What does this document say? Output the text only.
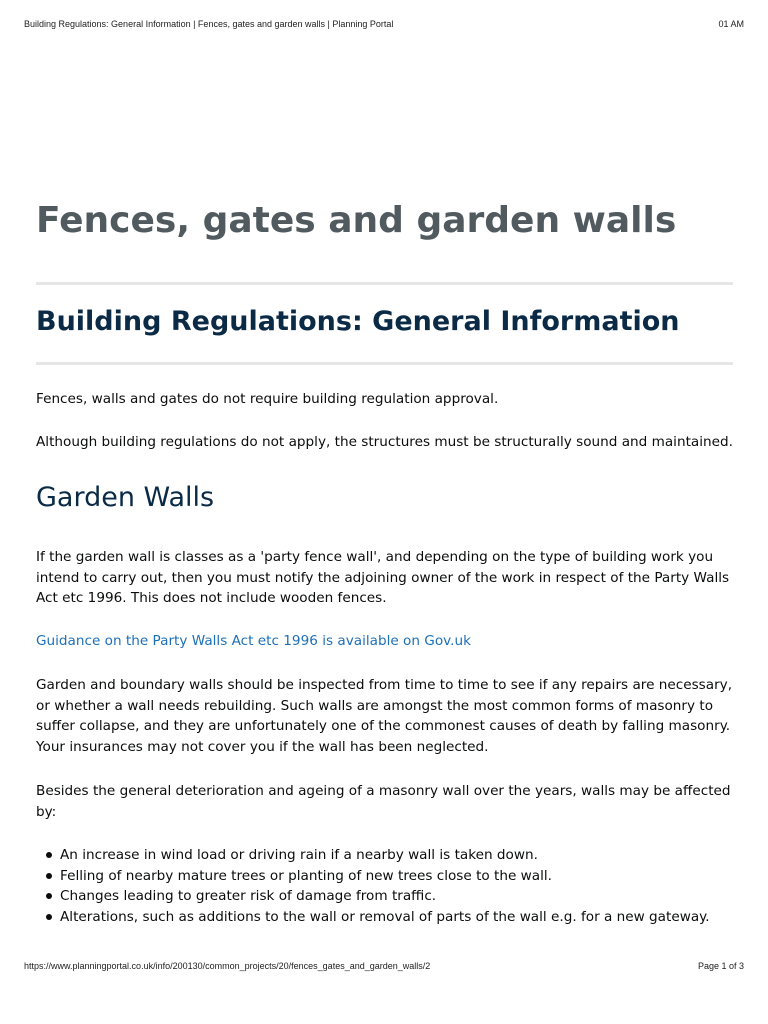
Building Regulations: General Information | Fences, gates and garden walls | Planning Portal	01 AM
Fences, gates and garden walls
Building Regulations: General Information

Fences, walls and gates do not require building regulation approval.

Although building regulations do not apply, the structures must be structurally sound and maintained.

Garden Walls

If the garden wall is classes as a 'party fence wall', and depending on the type of building work you intend to carry out, then you must notify the adjoining owner of the work in respect of the Party Walls Act etc 1996. This does not include wooden fences.

Guidance on the Party Walls Act etc 1996 is available on Gov.uk

Garden and boundary walls should be inspected from time to time to see if any repairs are necessary, or whether a wall needs rebuilding. Such walls are amongst the most common forms of masonry to suffer collapse, and they are unfortunately one of the commonest causes of death by falling masonry. Your insurances may not cover you if the wall has been neglected.

Besides the general deterioration and ageing of a masonry wall over the years, walls may be affected by:

An increase in wind load or driving rain if a nearby wall is taken down.
Felling of nearby mature trees or planting of new trees close to the wall.
Changes leading to greater risk of damage from traffic.
Alterations, such as additions to the wall or removal of parts of the wall e.g. for a new gateway.
https://www.planningportal.co.uk/info/200130/common_projects/20/fences_gates_and_garden_walls/2	Page 1 of 3
